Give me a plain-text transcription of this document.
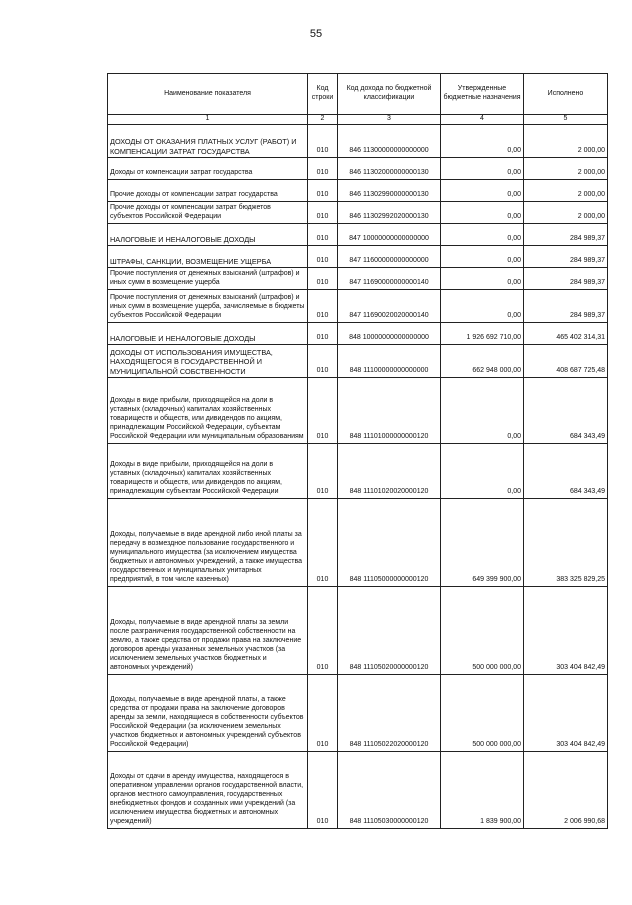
55
Наименование показателя	Код строки	Код дохода по бюджетной классификации	Утвержденные бюджетные назначения	Исполнено
1	2	3	4	5
ДОХОДЫ ОТ ОКАЗАНИЯ ПЛАТНЫХ УСЛУГ (РАБОТ) И КОМПЕНСАЦИИ ЗАТРАТ ГОСУДАРСТВА	010	846 11300000000000000	0,00	2 000,00
Доходы от компенсации затрат государства	010	846 11302000000000130	0,00	2 000,00
Прочие доходы от компенсации затрат государства	010	846 11302990000000130	0,00	2 000,00
Прочие доходы от компенсации затрат бюджетов субъектов Российской Федерации	010	846 11302992020000130	0,00	2 000,00
НАЛОГОВЫЕ И НЕНАЛОГОВЫЕ ДОХОДЫ	010	847 10000000000000000	0,00	284 989,37
ШТРАФЫ, САНКЦИИ, ВОЗМЕЩЕНИЕ УЩЕРБА	010	847 11600000000000000	0,00	284 989,37
Прочие поступления от денежных взысканий (штрафов) и иных сумм в возмещение ущерба	010	847 11690000000000140	0,00	284 989,37
Прочие поступления от денежных взысканий (штрафов) и иных сумм в возмещение ущерба, зачисляемые в бюджеты субъектов Российской Федерации	010	847 11690020020000140	0,00	284 989,37
НАЛОГОВЫЕ И НЕНАЛОГОВЫЕ ДОХОДЫ	010	848 10000000000000000	1 926 692 710,00	465 402 314,31
ДОХОДЫ ОТ ИСПОЛЬЗОВАНИЯ ИМУЩЕСТВА, НАХОДЯЩЕГОСЯ В ГОСУДАРСТВЕННОЙ И МУНИЦИПАЛЬНОЙ СОБСТВЕННОСТИ	010	848 11100000000000000	662 948 000,00	408 687 725,48
Доходы в виде прибыли, приходящейся на доли в уставных (складочных) капиталах хозяйственных товариществ и обществ, или дивидендов по акциям, принадлежащим Российской Федерации, субъектам Российской Федерации или муниципальным образованиям	010	848 11101000000000120	0,00	684 343,49
Доходы в виде прибыли, приходящейся на доли в уставных (складочных) капиталах хозяйственных товариществ и обществ, или дивидендов по акциям, принадлежащим субъектам Российской Федерации	010	848 11101020020000120	0,00	684 343,49
Доходы, получаемые в виде арендной либо иной платы за передачу в возмездное пользование государственного и муниципального имущества (за исключением имущества бюджетных и автономных учреждений, а также имущества государственных и муниципальных унитарных предприятий, в том числе казенных)	010	848 11105000000000120	649 399 900,00	383 325 829,25
Доходы, получаемые в виде арендной платы за земли после разграничения государственной собственности на землю, а также средства от продажи права на заключение договоров аренды указанных земельных участков (за исключением земельных участков бюджетных и автономных учреждений)	010	848 11105020000000120	500 000 000,00	303 404 842,49
Доходы, получаемые в виде арендной платы, а также средства от продажи права на заключение договоров аренды за земли, находящиеся в собственности субъектов Российской Федерации (за исключением земельных участков бюджетных и автономных учреждений субъектов Российской Федерации)	010	848 11105022020000120	500 000 000,00	303 404 842,49
Доходы от сдачи в аренду имущества, находящегося в оперативном управлении органов государственной власти, органов местного самоуправления, государственных внебюджетных фондов и созданных ими учреждений (за исключением имущества бюджетных и автономных учреждений)	010	848 11105030000000120	1 839 900,00	2 006 990,68
